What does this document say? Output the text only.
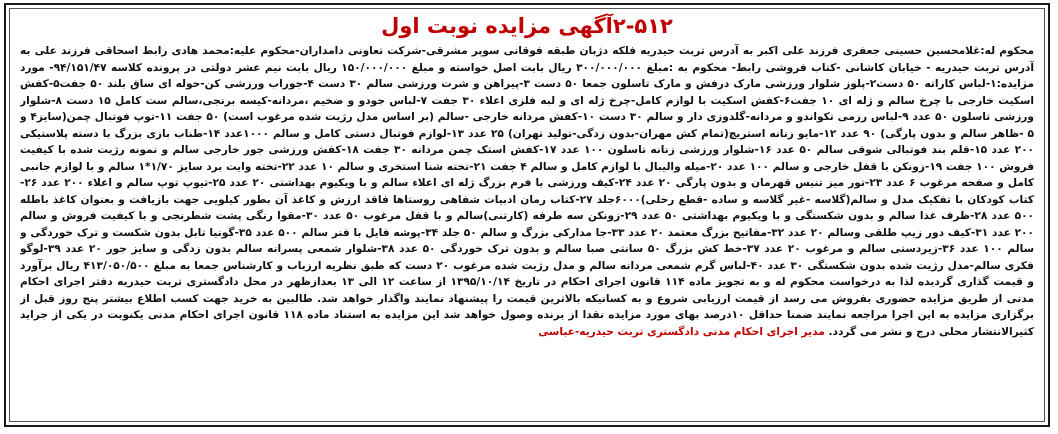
۲-۵۱۲آگهی مزایده نوبت اول
محکوم له:غلامحسین حسینی جعفری فرزند علی اکبر به آدرس تربت حیدریه فلکه دژبان طبقه فوقانی سوپر مشرقی-شرکت تعاونی دامداران-محکوم علیه:محمد هادی رابط اسحاقی فرزند علی به آدرس تربت حیدریه - خیابان کاشانی -کتاب فروشی رابط- محکوم به :مبلغ ۳۰۰/۰۰۰/۰۰۰ ریال بابت اصل خواسته و مبلغ ۱۵۰/۰۰۰/۰۰۰ ریال بابت نیم عشر دولتی در پرونده کلاسه ۹۴/۱۵۱/۴۷- مورد مزایده:۱-لباس کاراته ۵۰ دست۲-پلوز شلوار ورزشی مارک درفش و مارک تاسلون جمعا ۵۰ دست ۳-پیراهن و شرت ورزشی سالم ۳۰ دست ۴-جوراب ورزشی کن-حوله ای ساق بلند ۵۰ جفت۵-کفش اسکیت خارجی با چرخ سالم و ژله ای ۱۰ جفت۶-کفش اسکیت با لوازم کامل-چرخ ژله ای و لبه فلزی اعلاء ۳۰ جفت ۷-لباس جودو و ضخیم ،مردانه-کیسه برنجی،سالم ست کامل ۱۵ دست ۸-شلوار ورزشی تاسلون ۵۰ عدد ۹-لباس رزمی تکواندو و مردانه-گلدوزی دار و سالم ۳۰ دست ۱۰-کفش مردانه خارجی -سالم (بر اساس مدل رژیت شده مرغوب است) ۵۰ جفت ۱۱-توپ فوتبال چمن(سایز۴ و ۵ -ظاهر سالم و بدون پارگی) ۹۰ عدد ۱۲-مایو زنانه استریچ(تمام کش مهران-بدون زدگی-تولید تهران) ۲۵ عدد ۱۳-لوازم فوتبال دستی کامل و سالم ۱۰۰۰عدد ۱۴-طناب بازی بزرگ با دسته پلاستیکی ۲۰۰ عدد ۱۵-قلم بند فوتبالی شوقی سالم ۵۰ عدد ۱۶-شلوار ورزشی زنانه تاسلون ۱۰۰ عدد ۱۷-کفش استک چمن مردانه ۳۰ جفت ۱۸-کفش ورزشی جور خارجی سالم و نمونه رژیت شده با کیفیت فروش ۱۰۰ جفت ۱۹-زونکن با قفل خارجی و سالم ۱۰۰ عدد ۲۰-میله والیبال با لوازم کامل و سالم ۴ جفت ۲۱-تخته شنا استخری و سالم ۱۰ عدد ۲۲-تخته وایت برد سایز ۱/۷۰*۱ سالم و با لوازم جانبی کامل و صفحه مرغوب ۶ عدد ۲۳-تور میز تنیس قهرمان و بدون پارگی ۲۰ عدد ۲۴-کیف ورزشی با فرم بزرگ ژله ای اعلاء سالم و با ویکیوم بهداشتی ۲۰ عدد ۲۵-تیوپ توپ سالم و اعلاء ۲۰۰ عدد ۲۶-کتاب کودکان با تفکیک مدل و سالم(گلاسه -غیر گلاسه و ساده -قطع رحلی)۶۰۰۰جلد ۲۷-کتاب رمان ادبیات شفاهی روستاها فاقد ارزش و کاغذ آن بطور کیلویی جهت بازیافت و بعنوان کاغذ باطله ۵۰۰ عدد ۲۸-ظرف غذا سالم و بدون شکستگی و با ویکیوم بهداشتی ۵۰ عدد ۲۹-زونکن سه طرفه (کارتنی)سالم و با قفل مرغوب ۵۰ عدد ۳۰-مقوا رنگی پشت شطرنجی و با کیفیت فروش و سالم ۲۰۰ عدد ۳۱-کیف دور زیپ طلقی وسالم ۲۰ عدد ۳۲-مفاتیح بزرگ معتمد ۲۰ عدد ۳۳-جا مدارکی بزرگ و سالم ۵۰ جلد ۳۴-پوشه فایل با فنر سالم ۵۰۰ عدد ۳۵-گونیا تابل بدون شکست و ترک خوردگی و سالم ۱۰۰ عدد ۳۶-زیردستی سالم و مرغوب ۲۰ عدد ۳۷-خط کش بزرگ ۵۰ سانتی صبا سالم و بدون ترک خوردگی ۵۰ عدد ۳۸-شلوار شمعی پسرانه سالم بدون زدگی و سایز جور ۲۰ عدد ۳۹-لوگو فکری سالم-مدل رژیت شده بدون شکستگی ۳۰ عدد ۴۰-لباس گرم شمعی مردانه سالم و مدل رژیت شده مرغوب ۲۰ دست که طبق نظریه ارزیاب و کارشناس جمعا به مبلغ ۴۱۳/۰۵۰/۵۰۰ ریال برآورد و قیمت گذاری گردیده لذا به درخواست محکوم له و به تجویز ماده ۱۱۴ قانون اجرای احکام در تاریخ ۱۳۹۵/۱۰/۱۴ از ساعت ۱۲ الی ۱۳ بعدازظهر در محل دادگستری تربت حیدریه دفتر اجرای احکام مدنی از طریق مزایده حضوری بفروش می رسد از قیمت ارزیابی شروع و به کسانیکه بالاترین قیمت را پیشنهاد نمایند واگذار خواهد شد. طالبین به خرید جهت کسب اطلاع بیشتر پنج روز قبل از برگزاری مزایده به این اجرا مراجعه نمایند ضمنا حداقل ۱۰درصد بهای مورد مزایده نقدا از برنده وصول خواهد شد این مزایده به استناد ماده ۱۱۸ قانون اجرای احکام مدنی یکنوبت در یکی از جراید کثیرالانتشار محلی درج و نشر می گردد. مدیر اجرای احکام مدنی دادگستری تربت حیدریه-عباسی
